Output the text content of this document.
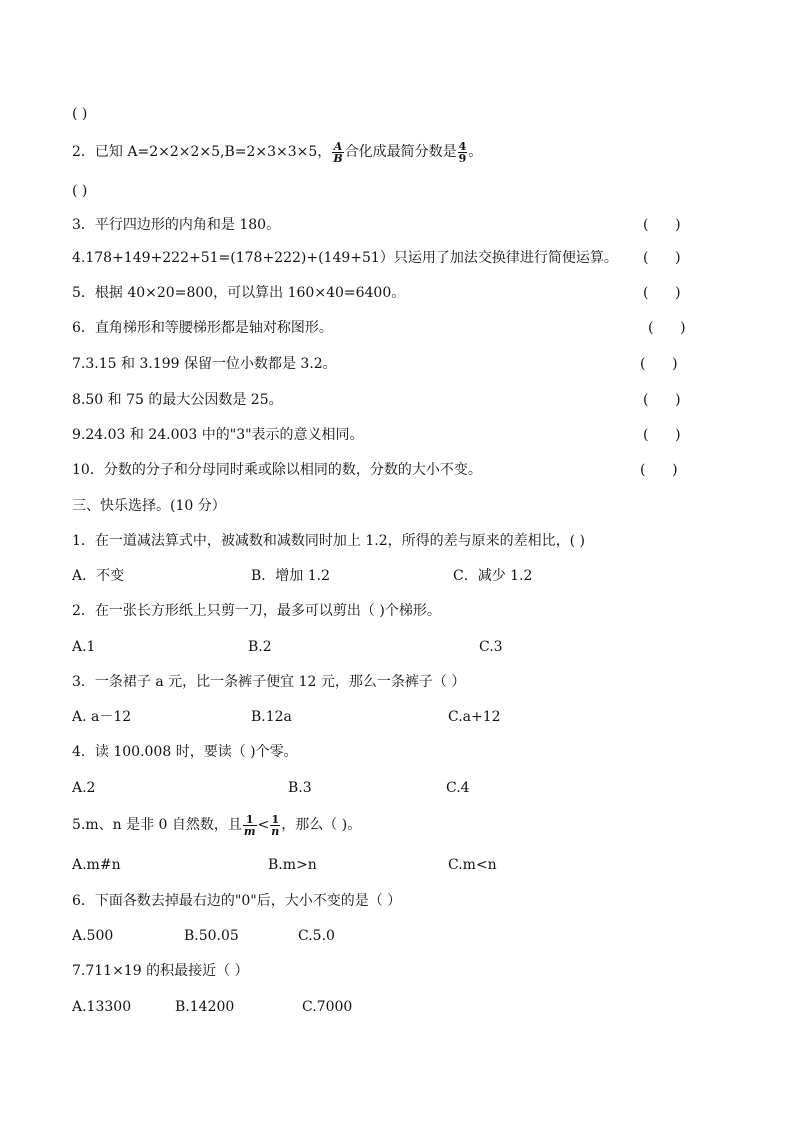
( )
2．已知 A=2×2×2×5,B=2×3×3×5， $\frac{A}{B}$ 合化成最简分数是 $\frac{4}{9}$ 。
( )
3．平行四边形的内角和是 180。	(      )
4.178+149+222+51=(178+222)+(149+51）只运用了加法交换律进行简便运算。 (      )
5．根据 40×20=800，可以算出 160×40=6400。	(      )
6．直角梯形和等腰梯形都是轴对称图形。	(      )
7.3.15 和 3.199 保留一位小数都是 3.2。	(      )
8.50 和 75 的最大公因数是 25。	(      )
9.24.03 和 24.003 中的"3"表示的意义相同。	(      )
10．分数的分子和分母同时乘或除以相同的数，分数的大小不变。	(      )
三、快乐选择。(10 分）
1．在一道减法算式中，被减数和减数同时加上 1.2，所得的差与原来的差相比，( )
A．不变	B．增加 1.2	C．减少 1.2
2．在一张长方形纸上只剪一刀，最多可以剪出（ )个梯形。
A.1	B.2	C.3
3．一条裙子 a 元，比一条裤子便宜 12 元，那么一条裤子（ ）
A. a－12	B.12a	C.a+12
4．读 100.008 时，要读（ )个零。
A.2	B.3	C.4
5.m、n 是非 0 自然数，且 $\frac{1}{m} < \frac{1}{n}$ ，那么（ )。
A.m#n	B.m>n	C.m<n
6．下面各数去掉最右边的"0"后，大小不变的是（ ）
A.500	B.50.05	C.5.0
7.711×19 的积最接近（ ）
A.13300	B.14200	C.7000
